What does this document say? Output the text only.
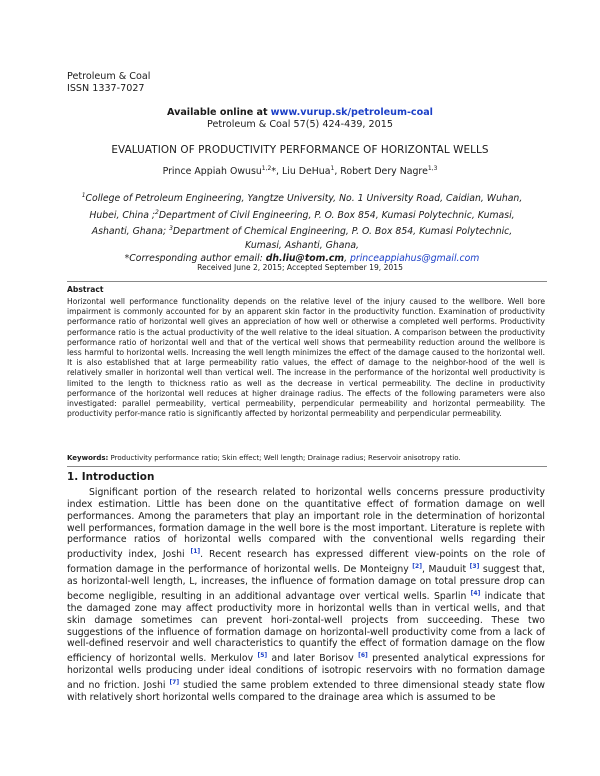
Petroleum & Coal
ISSN 1337-7027
Available online at www.vurup.sk/petroleum-coal
Petroleum & Coal 57(5) 424-439, 2015
EVALUATION OF PRODUCTIVITY PERFORMANCE OF HORIZONTAL WELLS
Prince Appiah Owusu$^{1,2}$*, Liu DeHua$^1$, Robert Dery Nagre$^{1,3}$
$^1$College of Petroleum Engineering, Yangtze University, No. 1 University Road, Caidian, Wuhan, Hubei, China ;$^2$Department of Civil Engineering, P. O. Box 854, Kumasi Polytechnic, Kumasi, Ashanti, Ghana; $^3$Department of Chemical Engineering, P. O. Box 854, Kumasi Polytechnic, Kumasi, Ashanti, Ghana,
*Corresponding author email: dh.liu@tom.cm, princeappiahus@gmail.com
Received June 2, 2015; Accepted September 19, 2015
Abstract
Horizontal well performance functionality depends on the relative level of the injury caused to the wellbore. Well bore impairment is commonly accounted for by an apparent skin factor in the productivity function. Examination of productivity performance ratio of horizontal well gives an appreciation of how well or otherwise a completed well performs. Productivity performance ratio is the actual productivity of the well relative to the ideal situation. A comparison between the productivity performance ratio of horizontal well and that of the vertical well shows that permeability reduction around the wellbore is less harmful to horizontal wells. Increasing the well length minimizes the effect of the damage caused to the horizontal well. It is also established that at large permeability ratio values, the effect of damage to the neighbor-hood of the well is relatively smaller in horizontal well than vertical well. The increase in the performance of the horizontal well productivity is limited to the length to thickness ratio as well as the decrease in vertical permeability. The decline in productivity performance of the horizontal well reduces at higher drainage radius. The effects of the following parameters were also investigated: parallel permeability, vertical permeability, perpendicular permeability and horizontal permeability. The productivity perfor-mance ratio is significantly affected by horizontal permeability and perpendicular permeability.
Keywords: Productivity performance ratio; Skin effect; Well length; Drainage radius; Reservoir anisotropy ratio.
1. Introduction
Significant portion of the research related to horizontal wells concerns pressure productivity index estimation. Little has been done on the quantitative effect of formation damage on well performances. Among the parameters that play an important role in the determination of horizontal well performances, formation damage in the well bore is the most important. Literature is replete with performance ratios of horizontal wells compared with the conventional wells regarding their productivity index, Joshi [1]. Recent research has expressed different view-points on the role of formation damage in the performance of horizontal wells. De Monteigny [2], Mauduit [3] suggest that, as horizontal-well length, L, increases, the influence of formation damage on total pressure drop can become negligible, resulting in an additional advantage over vertical wells. Sparlin [4] indicate that the damaged zone may affect productivity more in horizontal wells than in vertical wells, and that skin damage sometimes can prevent hori-zontal-well projects from succeeding. These two suggestions of the influence of formation damage on horizontal-well productivity come from a lack of well-defined reservoir and well characteristics to quantify the effect of formation damage on the flow efficiency of horizontal wells. Merkulov [5] and later Borisov [6] presented analytical expressions for horizontal wells producing under ideal conditions of isotropic reservoirs with no formation damage and no friction. Joshi [7] studied the same problem extended to three dimensional steady state flow with relatively short horizontal wells compared to the drainage area which is assumed to be
